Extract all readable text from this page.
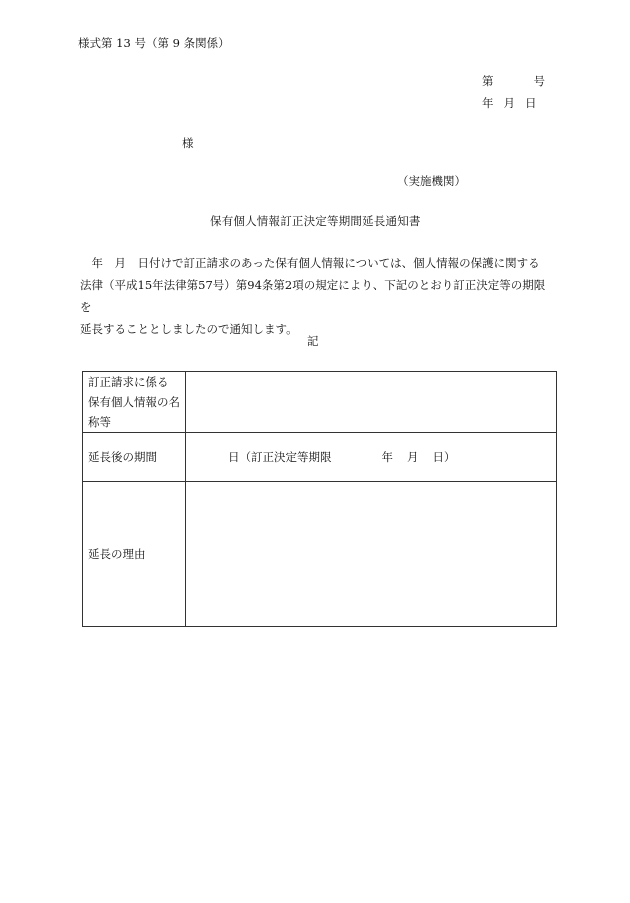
様式第 13 号（第 9 条関係）
第	号
年 月 日
様
（実施機関）
保有個人情報訂正決定等期間延長通知書

　年　月　日付けで訂正請求のあった保有個人情報については、個人情報の保護に関する

法律（平成15年法律第57号）第94条第2項の規定により、下記のとおり訂正決定等の期限を

延長することとしましたので通知します。

記
訂正請求に係る
保有個人情報の名
称等	

延長後の期間	日（訂正決定等期限 年 月 日）
延長の理由	
